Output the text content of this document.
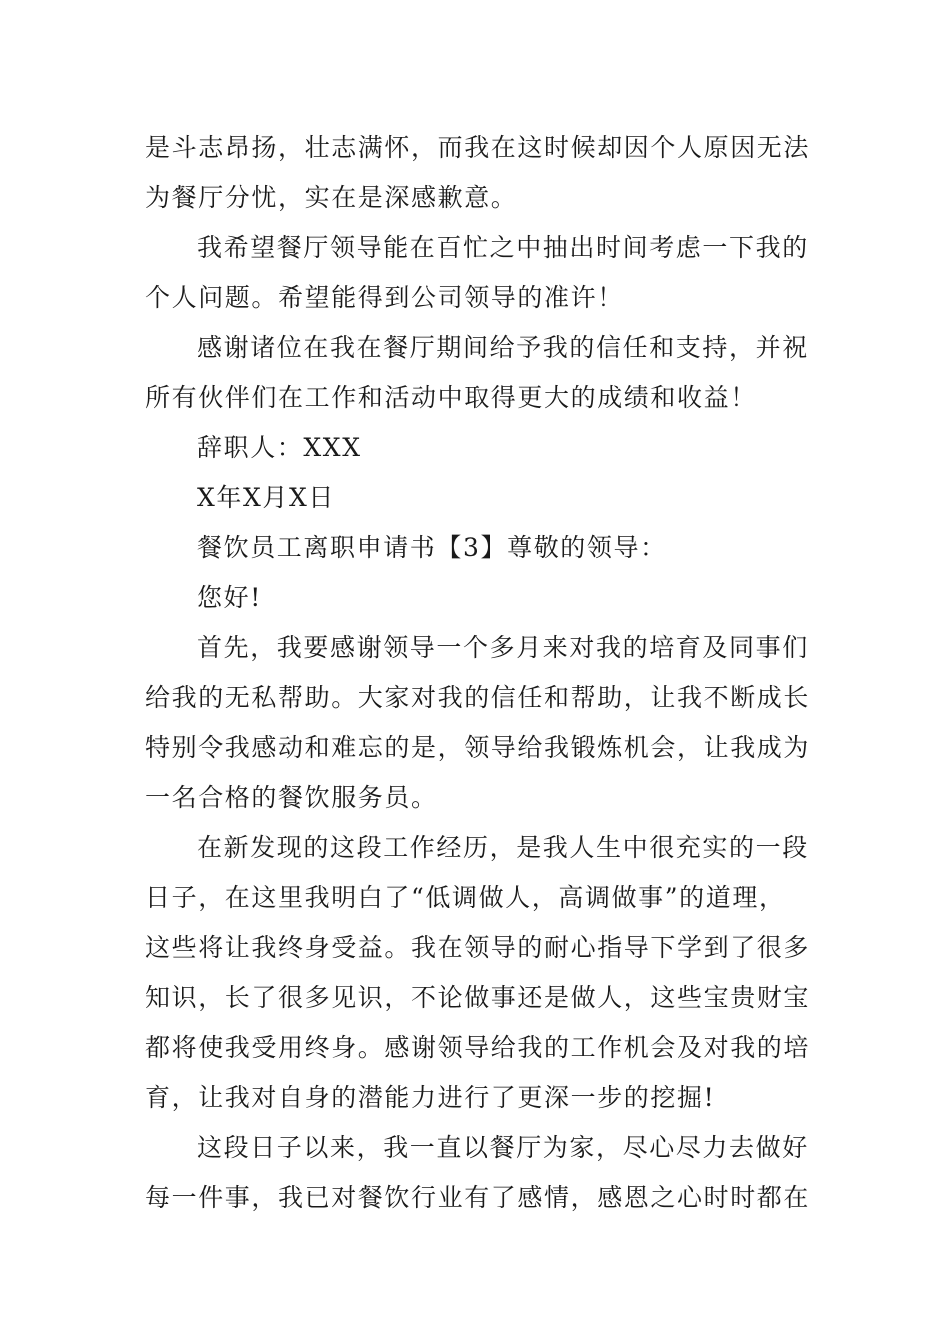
是斗志昂扬，壮志满怀，而我在这时候却因个人原因无法
为餐厅分忧，实在是深感歉意。
我希望餐厅领导能在百忙之中抽出时间考虑一下我的
个人问题。希望能得到公司领导的准许！
感谢诸位在我在餐厅期间给予我的信任和支持，并祝
所有伙伴们在工作和活动中取得更大的成绩和收益！
辞职人：XXX
X年X月X日
餐饮员工离职申请书【3】尊敬的领导：
您好!
首先，我要感谢领导一个多月来对我的培育及同事们
给我的无私帮助。大家对我的信任和帮助，让我不断成长
特别令我感动和难忘的是，领导给我锻炼机会，让我成为
一名合格的餐饮服务员。
在新发现的这段工作经历，是我人生中很充实的一段
日子，在这里我明白了“低调做人，高调做事”的道理，
这些将让我终身受益。我在领导的耐心指导下学到了很多
知识，长了很多见识，不论做事还是做人，这些宝贵财宝
都将使我受用终身。感谢领导给我的工作机会及对我的培
育，让我对自身的潜能力进行了更深一步的挖掘!
这段日子以来，我一直以餐厅为家，尽心尽力去做好
每一件事，我已对餐饮行业有了感情，感恩之心时时都在
